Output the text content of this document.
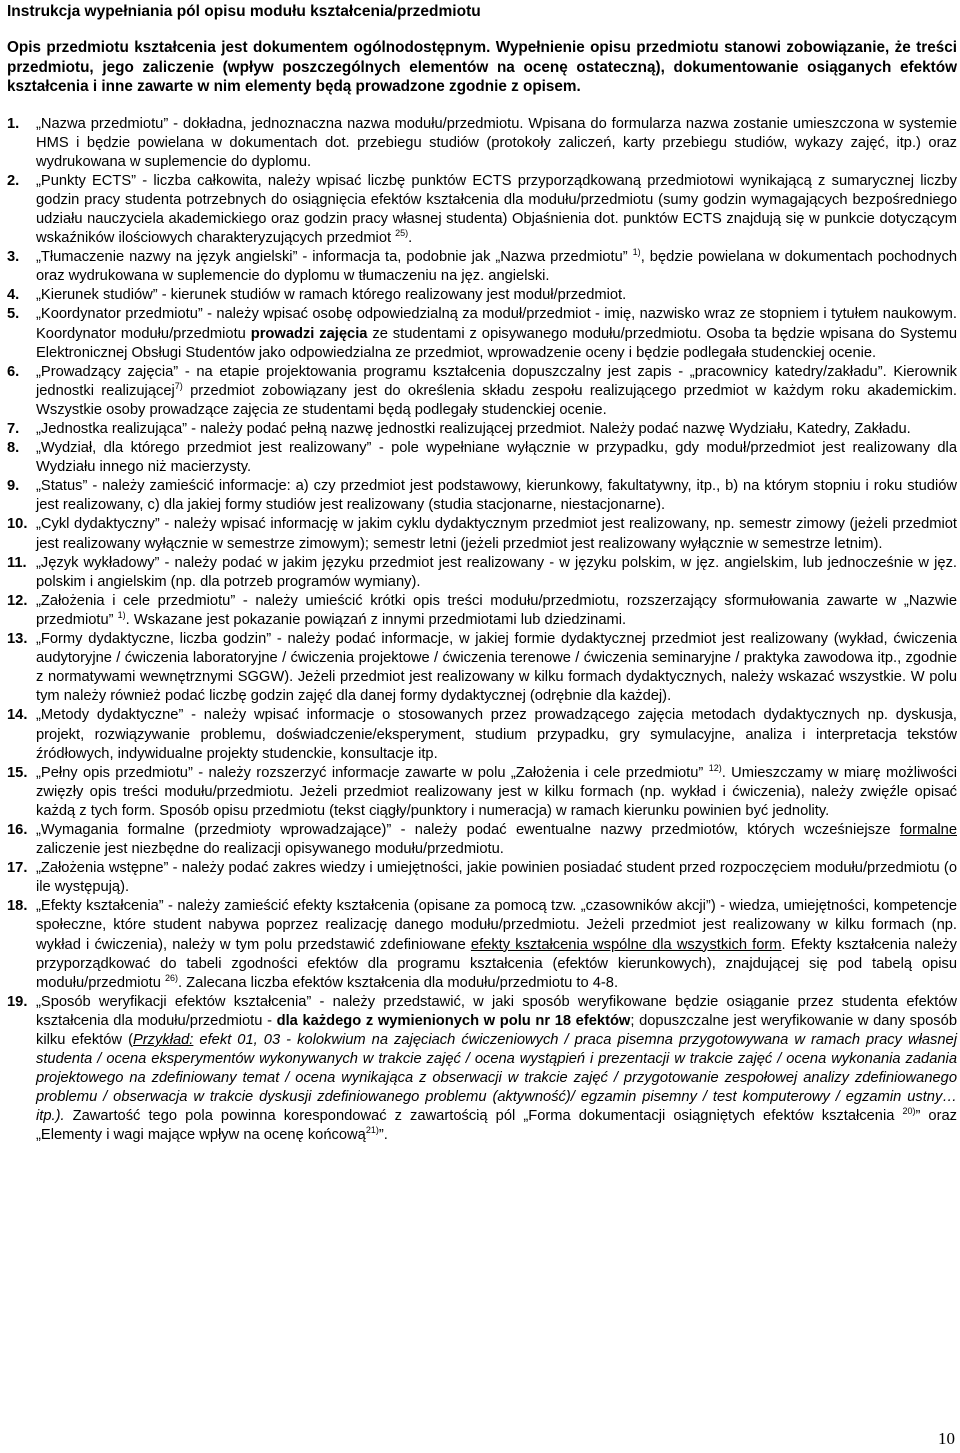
Instrukcja wypełniania pól opisu modułu kształcenia/przedmiotu
Opis przedmiotu kształcenia jest dokumentem ogólnodostępnym. Wypełnienie opisu przedmiotu stanowi zobowiązanie, że treści przedmiotu, jego zaliczenie (wpływ poszczególnych elementów na ocenę ostateczną), dokumentowanie osiąganych efektów kształcenia i inne zawarte w nim elementy będą prowadzone zgodnie z opisem.
1. „Nazwa przedmiotu” - dokładna, jednoznaczna nazwa modułu/przedmiotu. Wpisana do formularza nazwa zostanie umieszczona w systemie HMS i będzie powielana w dokumentach dot. przebiegu studiów (protokoły zaliczeń, karty przebiegu studiów, wykazy zajęć, itp.) oraz wydrukowana w suplemencie do dyplomu.
2. „Punkty ECTS” - liczba całkowita, należy wpisać liczbę punktów ECTS przyporządkowaną przedmiotowi wynikającą z sumarycznej liczby godzin pracy studenta potrzebnych do osiągnięcia efektów kształcenia dla modułu/przedmiotu (sumy godzin wymagających bezpośredniego udziału nauczyciela akademickiego oraz godzin pracy własnej studenta) Objaśnienia dot. punktów ECTS znajdują się w punkcie dotyczącym wskaźników ilościowych charakteryzujących przedmiot $^{25)}$.
3. „Tłumaczenie nazwy na język angielski” - informacja ta, podobnie jak „Nazwa przedmiotu” $^{1)}$, będzie powielana w dokumentach pochodnych oraz wydrukowana w suplemencie do dyplomu w tłumaczeniu na jęz. angielski.
4. „Kierunek studiów” - kierunek studiów w ramach którego realizowany jest moduł/przedmiot.
5. „Koordynator przedmiotu” - należy wpisać osobę odpowiedzialną za moduł/przedmiot - imię, nazwisko wraz ze stopniem i tytułem naukowym. Koordynator modułu/przedmiotu prowadzi zajęcia ze studentami z opisywanego modułu/przedmiotu. Osoba ta będzie wpisana do Systemu Elektronicznej Obsługi Studentów jako odpowiedzialna ze przedmiot, wprowadzenie oceny i będzie podlegała studenckiej ocenie.
6. „Prowadzący zajęcia” - na etapie projektowania programu kształcenia dopuszczalny jest zapis - „pracownicy katedry/zakładu”. Kierownik jednostki realizującej$^{7)}$ przedmiot zobowiązany jest do określenia składu zespołu realizującego przedmiot w każdym roku akademickim. Wszystkie osoby prowadzące zajęcia ze studentami będą podlegały studenckiej ocenie.
7. „Jednostka realizująca” - należy podać pełną nazwę jednostki realizującej przedmiot. Należy podać nazwę Wydziału, Katedry, Zakładu.
8. „Wydział, dla którego przedmiot jest realizowany” - pole wypełniane wyłącznie w przypadku, gdy moduł/przedmiot jest realizowany dla Wydziału innego niż macierzysty.
9. „Status” - należy zamieścić informacje: a) czy przedmiot jest podstawowy, kierunkowy, fakultatywny, itp., b) na którym stopniu i roku studiów jest realizowany, c) dla jakiej formy studiów jest realizowany (studia stacjonarne, niestacjonarne).
10. „Cykl dydaktyczny” - należy wpisać informację w jakim cyklu dydaktycznym przedmiot jest realizowany, np. semestr zimowy (jeżeli przedmiot jest realizowany wyłącznie w semestrze zimowym); semestr letni (jeżeli przedmiot jest realizowany wyłącznie w semestrze letnim).
11. „Język wykładowy” - należy podać w jakim języku przedmiot jest realizowany - w języku polskim, w jęz. angielskim, lub jednocześnie w jęz. polskim i angielskim (np. dla potrzeb programów wymiany).
12. „Założenia i cele przedmiotu” - należy umieścić krótki opis treści modułu/przedmiotu, rozszerzający sformułowania zawarte w „Nazwie przedmiotu” $^{1)}$. Wskazane jest pokazanie powiązań z innymi przedmiotami lub dziedzinami.
13. „Formy dydaktyczne, liczba godzin” - należy podać informacje, w jakiej formie dydaktycznej przedmiot jest realizowany (wykład, ćwiczenia audytoryjne / ćwiczenia laboratoryjne / ćwiczenia projektowe / ćwiczenia terenowe / ćwiczenia seminaryjne / praktyka zawodowa itp., zgodnie z normatywami wewnętrznymi SGGW). Jeżeli przedmiot jest realizowany w kilku formach dydaktycznych, należy wskazać wszystkie. W polu tym należy również podać liczbę godzin zajęć dla danej formy dydaktycznej (odrębnie dla każdej).
14. „Metody dydaktyczne” - należy wpisać informacje o stosowanych przez prowadzącego zajęcia metodach dydaktycznych np. dyskusja, projekt, rozwiązywanie problemu, doświadczenie/eksperyment, studium przypadku, gry symulacyjne, analiza i interpretacja tekstów źródłowych, indywidualne projekty studenckie, konsultacje itp.
15. „Pełny opis przedmiotu” - należy rozszerzyć informacje zawarte w polu „Założenia i cele przedmiotu” $^{12)}$. Umieszczamy w miarę możliwości zwięzły opis treści modułu/przedmiotu. Jeżeli przedmiot realizowany jest w kilku formach (np. wykład i ćwiczenia), należy zwięźle opisać każdą z tych form. Sposób opisu przedmiotu (tekst ciągły/punktory i numeracja) w ramach kierunku powinien być jednolity.
16. „Wymagania formalne (przedmioty wprowadzające)” - należy podać ewentualne nazwy przedmiotów, których wcześniejsze formalne zaliczenie jest niezbędne do realizacji opisywanego modułu/przedmiotu.
17. „Założenia wstępne” - należy podać zakres wiedzy i umiejętności, jakie powinien posiadać student przed rozpoczęciem modułu/przedmiotu (o ile występują).
18. „Efekty kształcenia” - należy zamieścić efekty kształcenia (opisane za pomocą tzw. „czasowników akcji”) - wiedza, umiejętności, kompetencje społeczne, które student nabywa poprzez realizację danego modułu/przedmiotu. Jeżeli przedmiot jest realizowany w kilku formach (np. wykład i ćwiczenia), należy w tym polu przedstawić zdefiniowane efekty kształcenia wspólne dla wszystkich form. Efekty kształcenia należy przyporządkować do tabeli zgodności efektów dla programu kształcenia (efektów kierunkowych), znajdującej się pod tabelą opisu modułu/przedmiotu $^{26)}$. Zalecana liczba efektów kształcenia dla modułu/przedmiotu to 4-8.
19. „Sposób weryfikacji efektów kształcenia” - należy przedstawić, w jaki sposób weryfikowane będzie osiąganie przez studenta efektów kształcenia dla modułu/przedmiotu - dla każdego z wymienionych w polu nr 18 efektów; dopuszczalne jest weryfikowanie w dany sposób kilku efektów (Przykład: efekt 01, 03 - kolokwium na zajęciach ćwiczeniowych / praca pisemna przygotowywana w ramach pracy własnej studenta / ocena eksperymentów wykonywanych w trakcie zajęć / ocena wystąpień i prezentacji w trakcie zajęć / ocena wykonania zadania projektowego na zdefiniowany temat / ocena wynikająca z obserwacji w trakcie zajęć / przygotowanie zespołowej analizy zdefiniowanego problemu / obserwacja w trakcie dyskusji zdefiniowanego problemu (aktywność)/ egzamin pisemny / test komputerowy / egzamin ustny… itp.). Zawartość tego pola powinna korespondować z zawartością pól „Forma dokumentacji osiągniętych efektów kształcenia $^{20)}$” oraz „Elementy i wagi mające wpływ na ocenę końcową$^{21)}$”.
10
